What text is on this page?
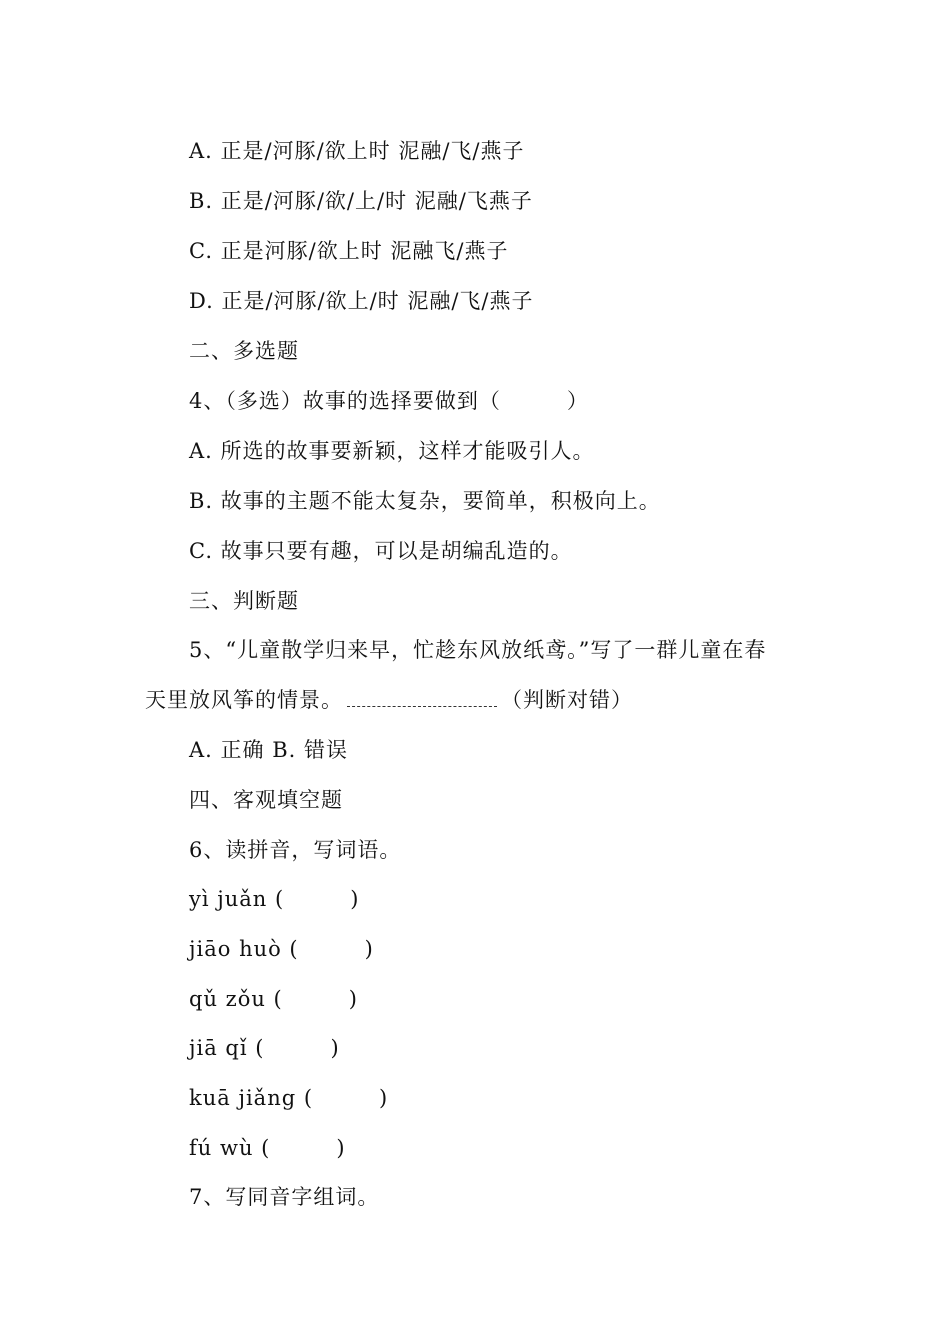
A. 正是/河豚/欲上时 泥融/飞/燕子
B. 正是/河豚/欲/上/时 泥融/飞燕子
C. 正是河豚/欲上时 泥融飞/燕子
D. 正是/河豚/欲上/时 泥融/飞/燕子
二、多选题
4、（多选）故事的选择要做到（　　　）
A. 所选的故事要新颖，这样才能吸引人。
B. 故事的主题不能太复杂，要简单，积极向上。
C. 故事只要有趣，可以是胡编乱造的。
三、判断题
5、“儿童散学归来早，忙趁东风放纸鸢。”写了一群儿童在春
天里放风筝的情景。	（判断对错）
A. 正确 B. 错误
四、客观填空题
6、读拼音，写词语。
yì juǎn (　　　)
jiāo huò (　　　)
qǔ zǒu (　　　)
jiā qǐ (　　　)
kuā jiǎng (　　　)
fú wù (　　　)
7、写同音字组词。
